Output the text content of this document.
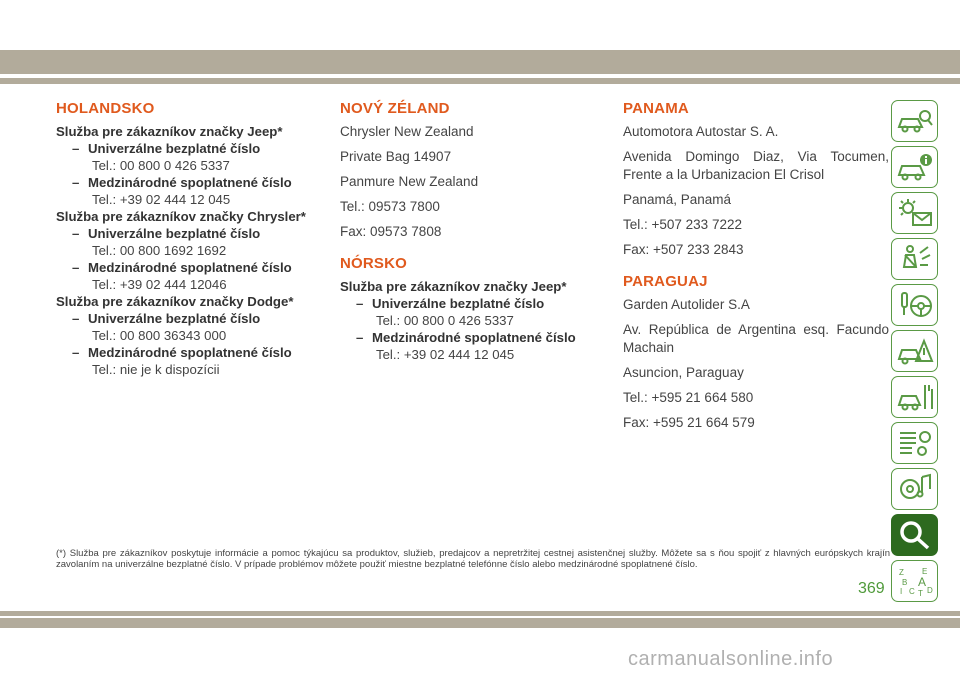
HOLANDSKO
Služba pre zákazníkov značky Jeep*
– Univerzálne bezplatné číslo
Tel.: 00 800 0 426 5337
– Medzinárodné spoplatnené číslo
Tel.: +39 02 444 12 045
Služba pre zákazníkov značky Chrysler*
– Univerzálne bezplatné číslo
Tel.: 00 800 1692 1692
– Medzinárodné spoplatnené číslo
Tel.: +39 02 444 12046
Služba pre zákazníkov značky Dodge*
– Univerzálne bezplatné číslo
Tel.: 00 800 36343 000
– Medzinárodné spoplatnené číslo
Tel.: nie je k dispozícii
NOVÝ ZÉLAND

Chrysler New Zealand

Private Bag 14907

Panmure New Zealand

Tel.: 09573 7800

Fax: 09573 7808

NÓRSKO
Služba pre zákazníkov značky Jeep*
– Univerzálne bezplatné číslo
Tel.: 00 800 0 426 5337
– Medzinárodné spoplatnené číslo
Tel.: +39 02 444 12 045
PANAMA

Automotora Autostar S. A.

Avenida Domingo Diaz, Via Tocumen, Frente a la Urbanizacion El Crisol

Panamá, Panamá

Tel.: +507 233 7222

Fax: +507 233 2843

PARAGUAJ

Garden Autolider S.A

Av. República de Argentina esq. Facundo Machain

Asuncion, Paraguay

Tel.: +595 21 664 580

Fax: +595 21 664 579

Z E
B A
C D
I T
(*) Služba pre zákazníkov poskytuje informácie a pomoc týkajúcu sa produktov, služieb, predajcov a nepretržitej cestnej asistenčnej služby. Môžete sa s ňou spojiť z hlavných európskych krajín zavolaním na univerzálne bezplatné číslo. V prípade problémov môžete použiť miestne bezplatné telefónne číslo alebo medzinárodné spoplatnené číslo.
369
carmanualsonline.info
